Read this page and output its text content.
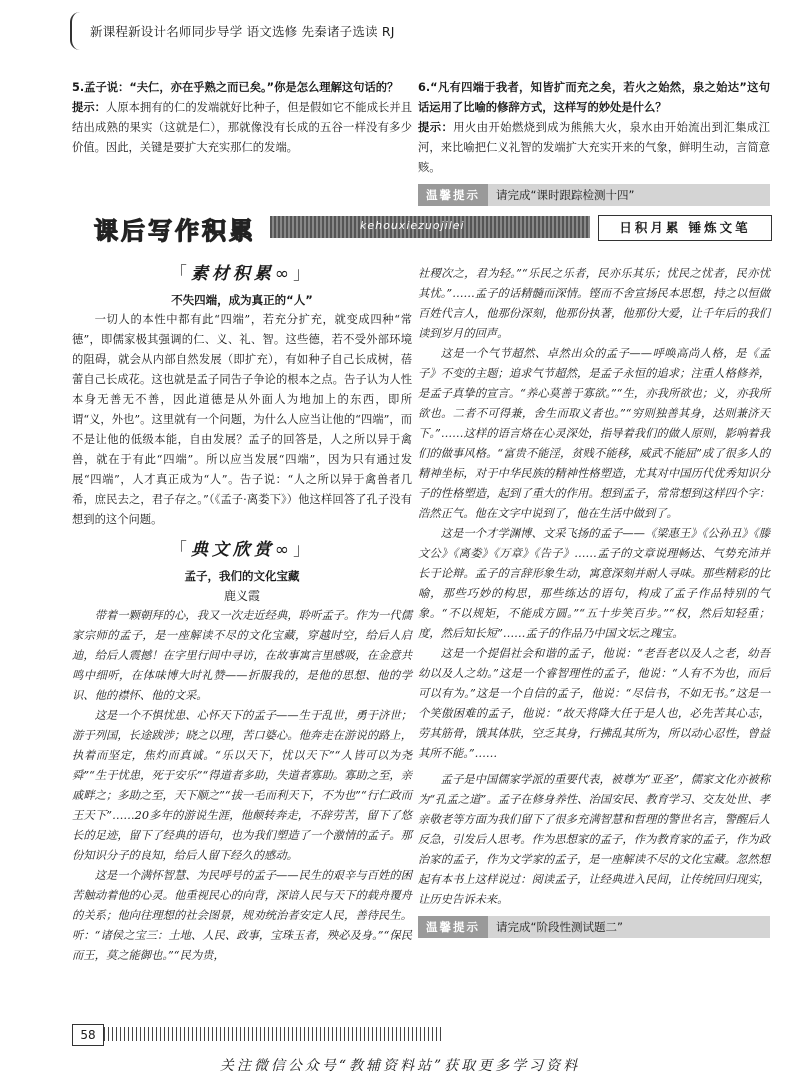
新课程新设计名师同步导学 语文选修 先秦诸子选读 RJ
5.孟子说：“夫仁，亦在乎熟之而已矣。”你是怎么理解这句话的？
提示：人原本拥有的仁的发端就好比种子，但是假如它不能成长并且结出成熟的果实（这就是仁），那就像没有长成的五谷一样没有多少价值。因此，关键是要扩大充实那仁的发端。
6.“凡有四端于我者，知皆扩而充之矣，若火之始然，泉之始达”这句话运用了比喻的修辞方式，这样写的妙处是什么？
提示：用火由开始燃烧到成为熊熊大火，泉水由开始流出到汇集成江河，来比喻把仁义礼智的发端扩大充实开来的气象，鲜明生动，言简意赅。
温馨提示 请完成“课时跟踪检测十四”
课后写作积累	kehouxiezuojilei	日积月累 锤炼文笔
「素材积累∞」
不失四端，成为真正的“人”

一切人的本性中都有此“四端”，若充分扩充，就变成四种“常德”，即儒家极其强调的仁、义、礼、智。这些德，若不受外部环境的阻碍，就会从内部自然发展（即扩充），有如种子自己长成树，蓓蕾自己长成花。这也就是孟子同告子争论的根本之点。告子认为人性本身无善无不善，因此道德是从外面人为地加上的东西，即所谓“义，外也”。这里就有一个问题，为什么人应当让他的“四端”，而不是让他的低级本能，自由发展？孟子的回答是，人之所以异于禽兽，就在于有此“四端”。所以应当发展“四端”，因为只有通过发展“四端”，人才真正成为“人”。告子说：“人之所以异于禽兽者几希，庶民去之，君子存之。”（《孟子·离娄下》）他这样回答了孔子没有想到的这个问题。

「典文欣赏∞」
孟子，我们的文化宝藏
鹿义霞

带着一颗朝拜的心，我又一次走近经典，聆听孟子。作为一代儒家宗师的孟子，是一座解读不尽的文化宝藏，穿越时空，给后人启迪，给后人震撼！在字里行间中寻访，在故事寓言里感吸，在金意共鸣中细听，在体味博大时礼赞——折服我的，是他的思想、他的学识、他的襟怀、他的文采。

这是一个不惧忧患、心怀天下的孟子——生于乱世，勇于济世；游于列国，长途跋涉；晓之以理，苦口婆心。他奔走在游说的路上，执着而坚定，焦灼而真诚。“乐以天下，忧以天下”“人皆可以为尧舜”“生于忧患，死于安乐”“得道者多助，失道者寡助。寡助之至，亲戚畔之；多助之至，天下顺之”“拔一毛而利天下，不为也”“行仁政而王天下”……20多年的游说生涯，他颠转奔走，不辞劳苦，留下了悠长的足迹，留下了经典的语句，也为我们塑造了一个激情的孟子。那份知识分子的良知，给后人留下经久的感动。

这是一个满怀智慧、为民呼号的孟子——民生的艰辛与百姓的困苦触动着他的心灵。他重视民心的向背，深谙人民与天下的载舟覆舟的关系；他向往理想的社会图景，规劝统治者安定人民，善待民生。听：“诸侯之宝三：土地、人民、政事，宝珠玉者，殃必及身。”“保民而王，莫之能御也。”“民为贵，

社稷次之，君为轻。”“乐民之乐者，民亦乐其乐；忧民之忧者，民亦忧其忧。”……孟子的话精髓而深情。铿而不舍宣扬民本思想，持之以恒做百姓代言人，他那份深刻，他那份执著，他那份大爱，让千年后的我们读到岁月的回声。

这是一个气节超然、卓然出众的孟子——呼唤高尚人格，是《孟子》不变的主题；追求气节超然，是孟子永恒的追求；注重人格修养，是孟子真挚的宣言。“养心莫善于寡欲。”“生，亦我所欲也；义，亦我所欲也。二者不可得兼，舍生而取义者也。”“穷则独善其身，达则兼济天下。”……这样的语言烙在心灵深处，指导着我们的做人原则，影响着我们的做事风格。“富贵不能淫，贫贱不能移，威武不能屈”成了很多人的精神坐标，对于中华民族的精神性格塑造，尤其对中国历代优秀知识分子的性格塑造，起到了重大的作用。想到孟子，常常想到这样四个字：浩然正气。他在文字中说到了，他在生活中做到了。

这是一个才学渊博、文采飞扬的孟子——《梁惠王》《公孙丑》《滕文公》《离娄》《万章》《告子》……孟子的文章说理畅达、气势充沛并长于论辩。孟子的言辞形象生动，寓意深刻并耐人寻味。那些精彩的比喻，那些巧妙的构思，那些练达的语句，构成了孟子作品特别的气象。“不以规矩，不能成方圆。”“五十步笑百步。”“权，然后知轻重；度，然后知长短”……孟子的作品乃中国文坛之瑰宝。

这是一个提倡社会和谐的孟子，他说：“老吾老以及人之老，幼吾幼以及人之幼。”这是一个睿智理性的孟子，他说：“人有不为也，而后可以有为。”这是一个自信的孟子，他说：“尽信书，不如无书。”这是一个笑傲困难的孟子，他说：“故天将降大任于是人也，必先苦其心志，劳其筋骨，饿其体肤，空乏其身，行拂乱其所为，所以动心忍性，曾益其所不能。”……

孟子是中国儒家学派的重要代表，被尊为“亚圣”，儒家文化亦被称为“孔孟之道”。孟子在修身养性、治国安民、教育学习、交友处世、孝亲敬老等方面为我们留下了很多充满智慧和哲理的警世名言，警醒后人反急，引发后人思考。作为思想家的孟子，作为教育家的孟子，作为政治家的孟子，作为文学家的孟子，是一座解读不尽的文化宝藏。忽然想起有本书上这样说过：阅读孟子，让经典进入民间，让传统回归现实，让历史告诉未来。

温馨提示 请完成“阶段性测试题二”
58
关注微信公众号“教辅资料站”获取更多学习资料
